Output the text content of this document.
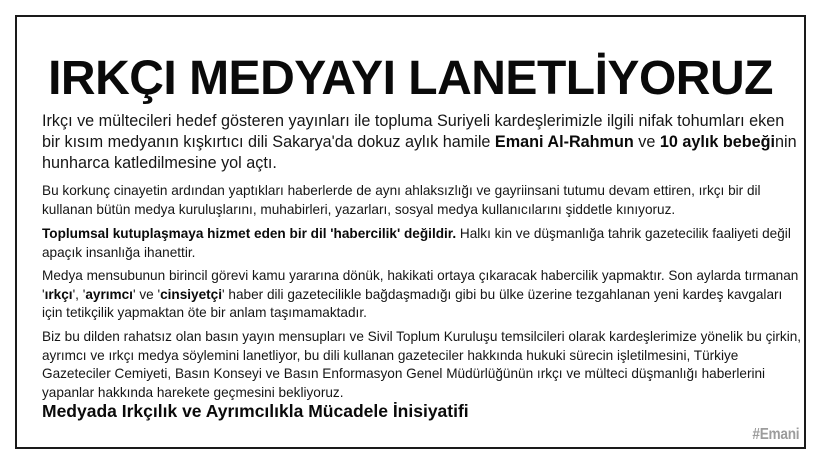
IRKÇI MEDYAYI LANETLİYORUZ

Irkçı ve mültecileri hedef gösteren yayınları ile topluma Suriyeli kardeşlerimizle ilgili nifak tohumları eken bir kısım medyanın kışkırtıcı dili Sakarya'da dokuz aylık hamile Emani Al-Rahmun ve 10 aylık bebeğinin hunharca katledilmesine yol açtı.

Bu korkunç cinayetin ardından yaptıkları haberlerde de aynı ahlaksızlığı ve gayriinsani tutumu devam ettiren, ırkçı bir dil kullanan bütün medya kuruluşlarını, muhabirleri, yazarları, sosyal medya kullanıcılarını şiddetle kınıyoruz.

Toplumsal kutuplaşmaya hizmet eden bir dil 'habercilik' değildir. Halkı kin ve düşmanlığa tahrik gazetecilik faaliyeti değil apaçık insanlığa ihanettir.

Medya mensubunun birincil görevi kamu yararına dönük, hakikati ortaya çıkaracak habercilik yapmaktır. Son aylarda tırmanan 'ırkçı', 'ayrımcı' ve 'cinsiyetçi' haber dili gazetecilikle bağdaşmadığı gibi bu ülke üzerine tezgahlanan yeni kardeş kavgaları için tetikçilik yapmaktan öte bir anlam taşımamaktadır.

Biz bu dilden rahatsız olan basın yayın mensupları ve Sivil Toplum Kuruluşu temsilcileri olarak kardeşlerimize yönelik bu çirkin, ayrımcı ve ırkçı medya söylemini lanetliyor, bu dili kullanan gazeteciler hakkında hukuki sürecin işletilmesini, Türkiye Gazeteciler Cemiyeti, Basın Konseyi ve Basın Enformasyon Genel Müdürlüğünün ırkçı ve mülteci düşmanlığı haberlerini yapanlar hakkında harekete geçmesini bekliyoruz.

Medyada Irkçılık ve Ayrımcılıkla Mücadele İnisiyatifi
#Emani
